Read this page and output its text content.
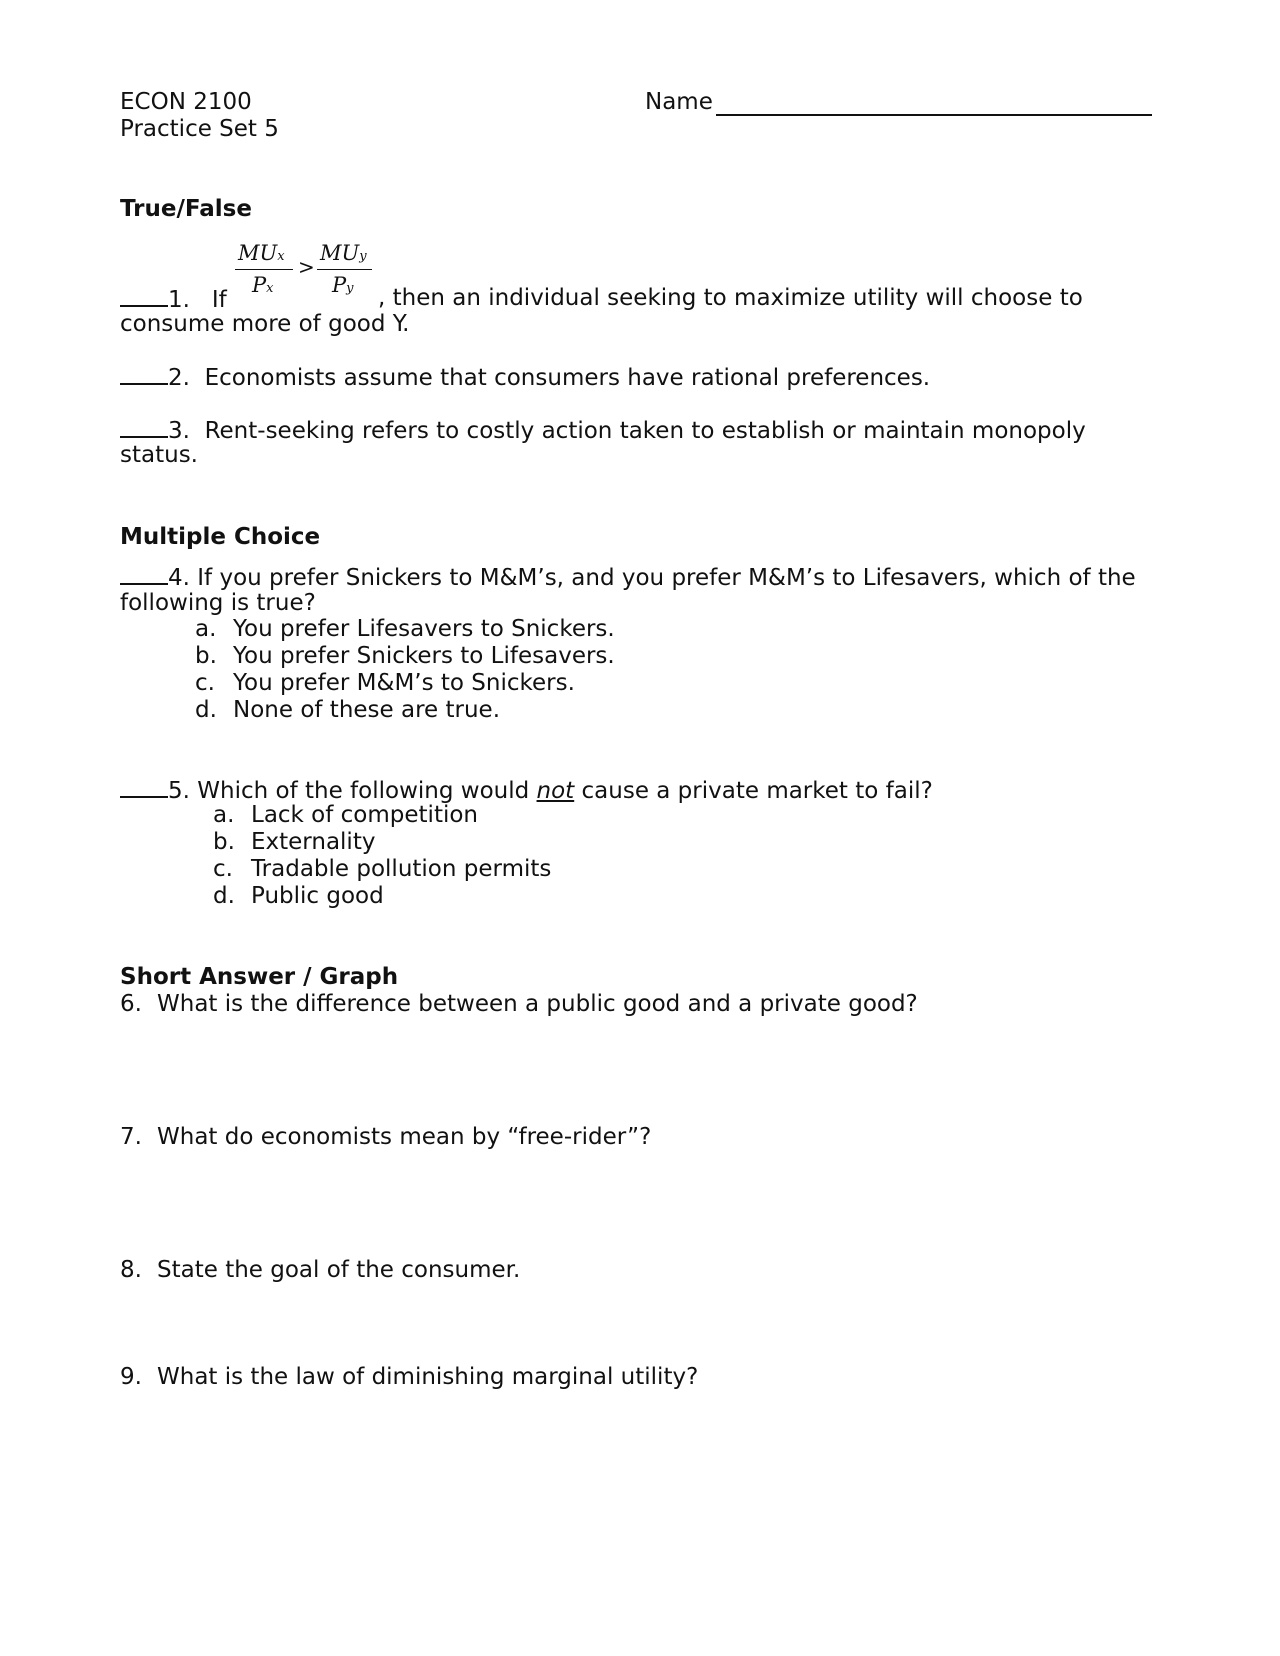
ECON 2100
Practice Set 5
Name
True/False
MUx
Px
>
MUy
Py
1. If	, then an individual seeking to maximize utility will choose to
consume more of good Y.
2. Economists assume that consumers have rational preferences.
3. Rent-seeking refers to costly action taken to establish or maintain monopoly
status.
Multiple Choice
4. If you prefer Snickers to M&M’s, and you prefer M&M’s to Lifesavers, which of the
following is true?
a. You prefer Lifesavers to Snickers.
b. You prefer Snickers to Lifesavers.
c. You prefer M&M’s to Snickers.
d. None of these are true.
5. Which of the following would not cause a private market to fail?
a. Lack of competition
b. Externality
c. Tradable pollution permits
d. Public good
Short Answer / Graph
6. What is the difference between a public good and a private good?
7. What do economists mean by “free-rider”?
8. State the goal of the consumer.
9. What is the law of diminishing marginal utility?
